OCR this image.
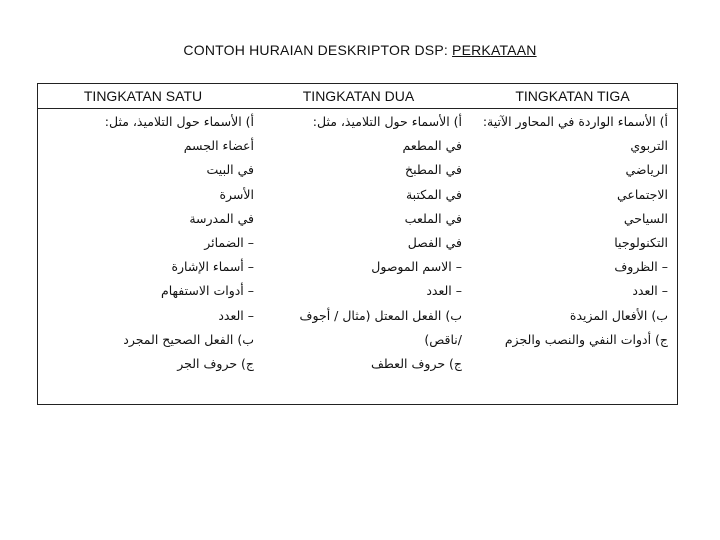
CONTOH HURAIAN DESKRIPTOR DSP: PERKATAAN
TINGKATAN SATU	TINGKATAN DUA	TINGKATAN TIGA
أ) الأسماء حول التلاميذ، مثل:
أعضاء الجسم
في البيت
الأسرة
في المدرسة
– الضمائر
– أسماء الإشارة
– أدوات الاستفهام
– العدد
ب) الفعل الصحيح المجرد
ج) حروف الجر
أ) الأسماء حول التلاميذ، مثل:
في المطعم
في المطبخ
في المكتبة
في الملعب
في الفصل
– الاسم الموصول
– العدد
ب) الفعل المعتل (مثال / أجوف
/ناقص)
ج) حروف العطف
أ) الأسماء الواردة في المحاور الآتية:
التربوي
الرياضي
الاجتماعي
السياحي
التكنولوجيا
– الظروف
– العدد
ب) الأفعال المزيدة
ج) أدوات النفي والنصب والجزم
